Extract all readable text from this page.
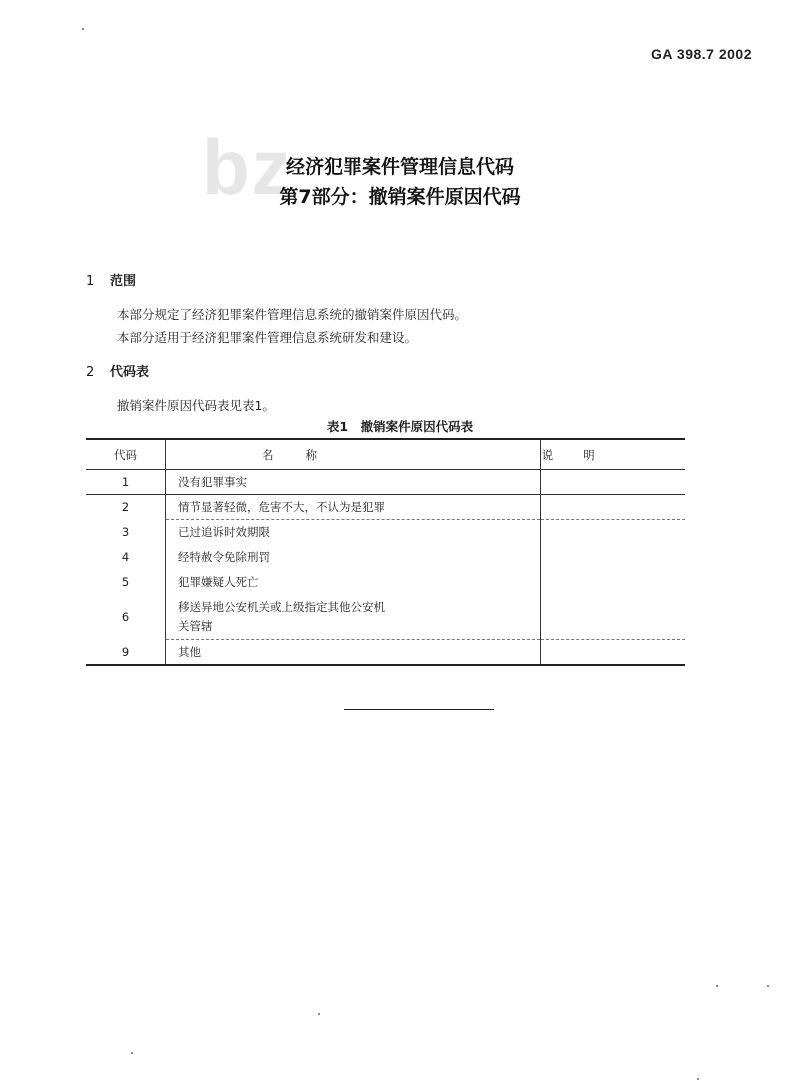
GA 398.7 2002
bz
经济犯罪案件管理信息代码
第7部分：撤销案件原因代码
1 范围
本部分规定了经济犯罪案件管理信息系统的撤销案件原因代码。
本部分适用于经济犯罪案件管理信息系统研发和建设。
2 代码表
撤销案件原因代码表见表1。
表1　撤销案件原因代码表
代码	名称	说明
1	没有犯罪事实	
2	情节显著轻微，危害不大，不认为是犯罪	
3	已过追诉时效期限	
4	经特赦令免除刑罚	
5	犯罪嫌疑人死亡	
6	移送异地公安机关或上级指定其他公安机
关管辖	

9	其他	
